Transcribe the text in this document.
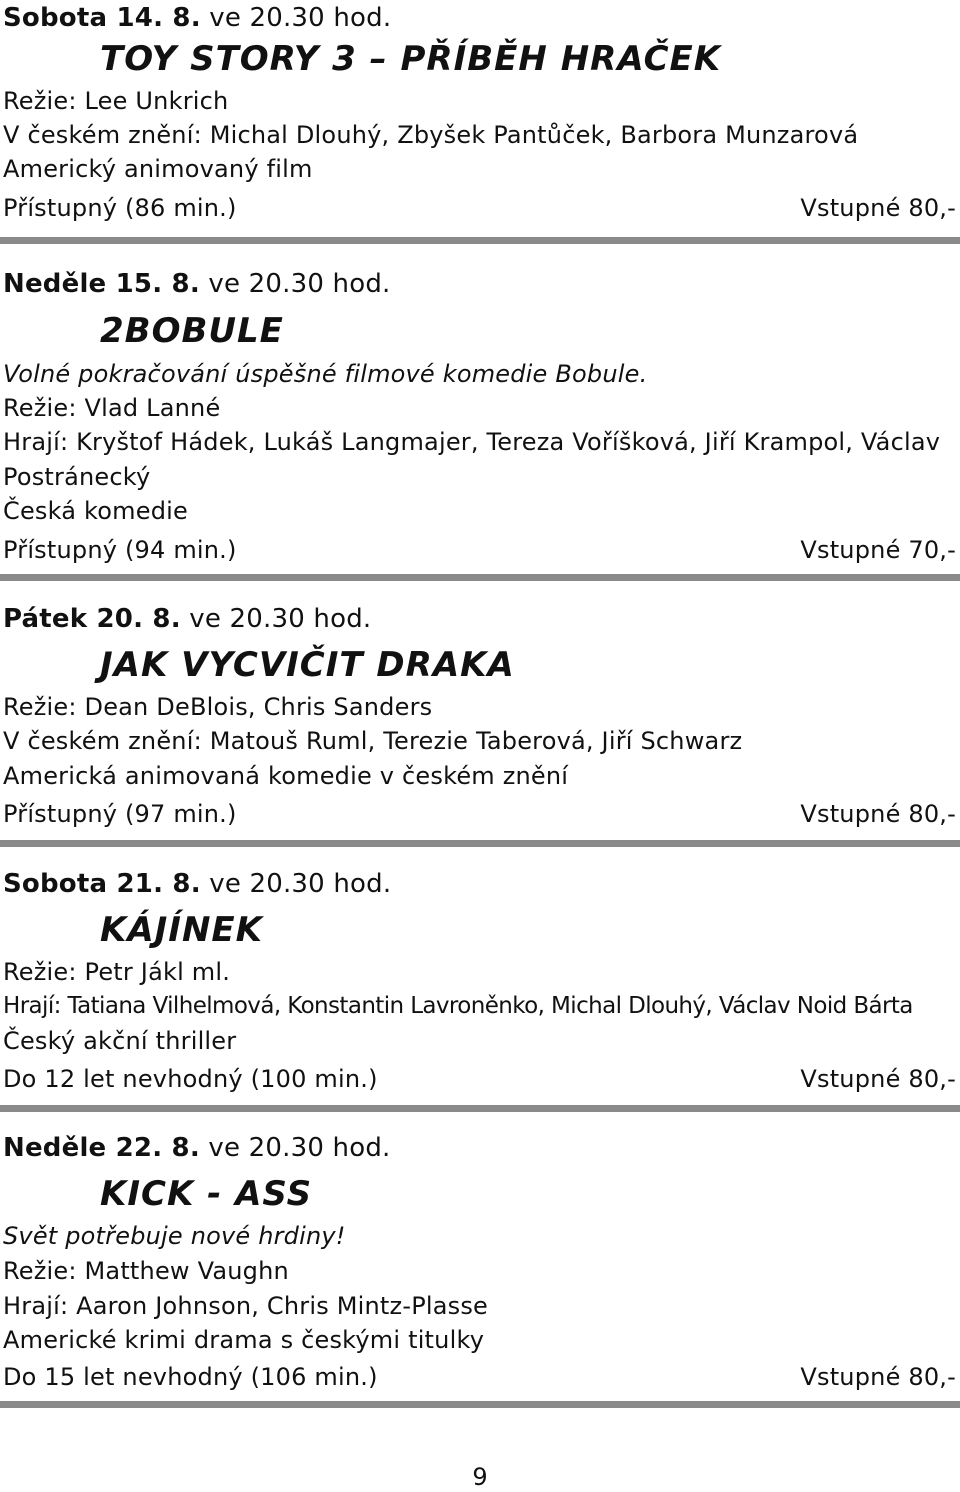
Sobota 14. 8. ve 20.30 hod.
TOY STORY 3 – PŘÍBĚH HRAČEK
Režie: Lee Unkrich
V českém znění: Michal Dlouhý, Zbyšek Pantůček, Barbora Munzarová
Americký animovaný film
Přístupný (86 min.)	Vstupné 80,-
Neděle 15. 8. ve 20.30 hod.
2BOBULE
Volné pokračování úspěšné filmové komedie Bobule.
Režie: Vlad Lanné
Hrají: Kryštof Hádek, Lukáš Langmajer, Tereza Voříšková, Jiří Krampol, Václav
Postránecký
Česká komedie
Přístupný (94 min.)	Vstupné 70,-
Pátek 20. 8. ve 20.30 hod.
JAK VYCVIČIT DRAKA
Režie: Dean DeBlois, Chris Sanders
V českém znění: Matouš Ruml, Terezie Taberová, Jiří Schwarz
Americká animovaná komedie v českém znění
Přístupný (97 min.)	Vstupné 80,-
Sobota 21. 8. ve 20.30 hod.
KÁJÍNEK
Režie: Petr Jákl ml.
Hrají: Tatiana Vilhelmová, Konstantin Lavroněnko, Michal Dlouhý, Václav Noid Bárta
Český akční thriller
Do 12 let nevhodný (100 min.)	Vstupné 80,-
Neděle 22. 8. ve 20.30 hod.
KICK - ASS
Svět potřebuje nové hrdiny!
Režie: Matthew Vaughn
Hrají: Aaron Johnson, Chris Mintz-Plasse
Americké krimi drama s českými titulky
Do 15 let nevhodný (106 min.)	Vstupné 80,-
9
